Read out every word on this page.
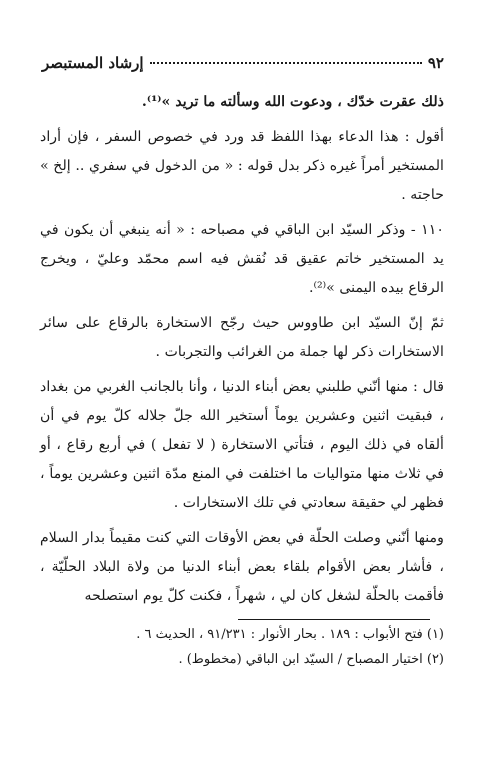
٩٢
إرشاد المستبصر

ذلك عقرت خدّك ، ودعوت الله وسألته ما تريد »⁽¹⁾.

أقول : هذا الدعاء بهذا اللفظ قد ورد في خصوص السفر ، فإن أراد المستخير أمراً غيره ذكر بدل قوله : « من الدخول في سفري .. إلخ » حاجته .

١١٠ - وذكر السيّد ابن الباقي في مصباحه : « أنه ينبغي أن يكون في يد المستخير خاتم عقيق قد نُقش فيه اسم محمّد وعليّ ، ويخرج الرقاع بيده اليمنى »⁽²⁾.

ثمّ إنّ السيّد ابن طاووس حيث رجّح الاستخارة بالرقاع على سائر الاستخارات ذكر لها جملة من الغرائب والتجربات .

قال : منها أنّني طلبني بعض أبناء الدنيا ، وأنا بالجانب الغربي من بغداد ، فبقيت اثنين وعشرين يوماً أستخير الله جلّ جلاله كلّ يوم في أن ألقاه في ذلك اليوم ، فتأتي الاستخارة ( لا تفعل ) في أربع رقاع ، أو في ثلاث منها متواليات ما اختلفت في المنع مدّة اثنين وعشرين يوماً ، فظهر لي حقيقة سعادتي في تلك الاستخارات .

ومنها أنّني وصلت الحلّة في بعض الأوقات التي كنت مقيماً بدار السلام ، فأشار بعض الأقوام بلقاء بعض أبناء الدنيا من ولاة البلاد الحلّيّة ، فأقمت بالحلّة لشغل كان لي ، شهراً ، فكنت كلّ يوم استصلحه

(١) فتح الأبواب : ١٨٩ . بحار الأنوار : ٩١/٢٣١ ، الحديث ٦ .
(٢) اختيار المصباح / السيّد ابن الباقي (مخطوط) .
